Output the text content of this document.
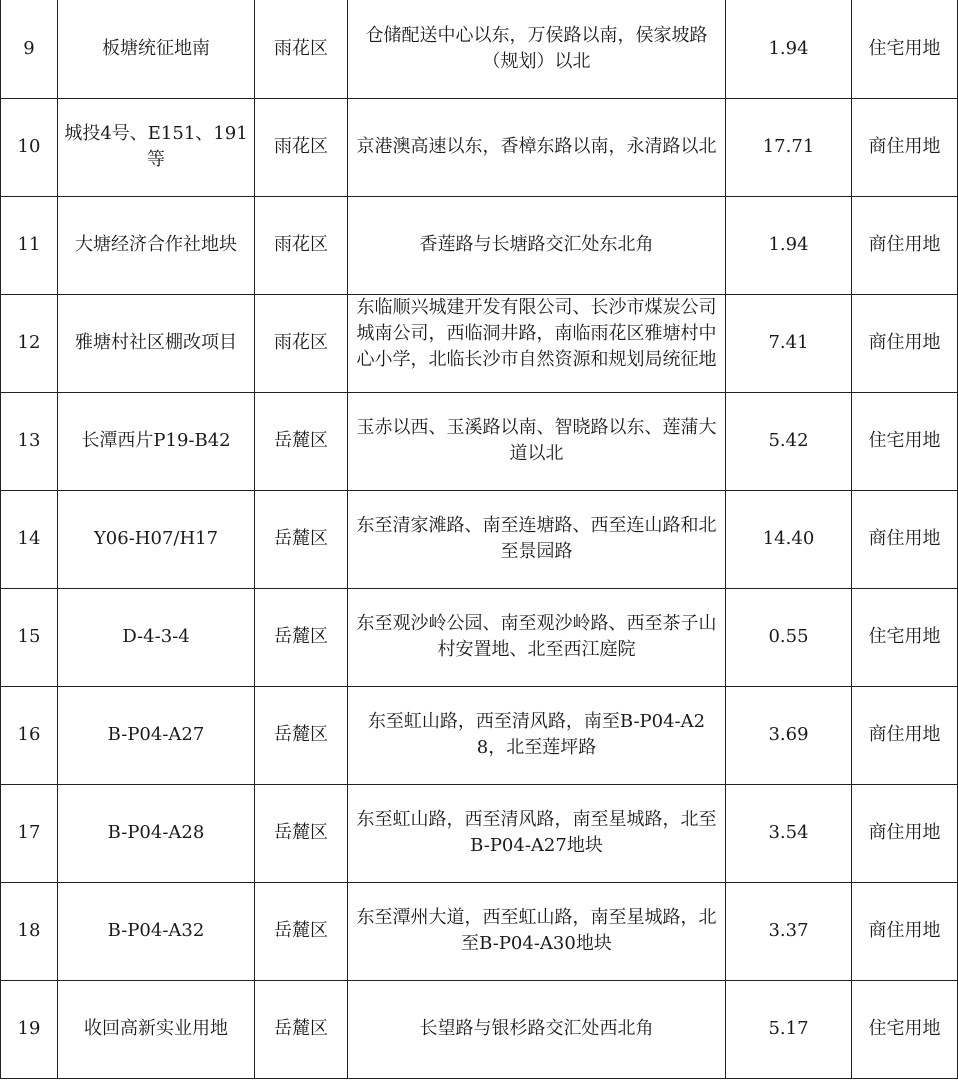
9	板塘统征地南	雨花区	仓储配送中心以东，万侯路以南，侯家坡路（规划）以北	1.94	住宅用地
10	城投4号、E151、191等	雨花区	京港澳高速以东，香樟东路以南，永清路以北	17.71	商住用地
11	大塘经济合作社地块	雨花区	香莲路与长塘路交汇处东北角	1.94	商住用地
12	雅塘村社区棚改项目	雨花区	东临顺兴城建开发有限公司、长沙市煤炭公司城南公司，西临洞井路，南临雨花区雅塘村中心小学，北临长沙市自然资源和规划局统征地	7.41	商住用地
13	长潭西片P19-B42	岳麓区	玉赤以西、玉溪路以南、智晓路以东、莲蒲大道以北	5.42	住宅用地
14	Y06-H07/H17	岳麓区	东至清家滩路、南至连塘路、西至连山路和北至景园路	14.40	商住用地
15	D-4-3-4	岳麓区	东至观沙岭公园、南至观沙岭路、西至茶子山村安置地、北至西江庭院	0.55	住宅用地
16	B-P04-A27	岳麓区	东至虹山路，西至清风路，南至B-P04-A28，北至莲坪路	3.69	商住用地
17	B-P04-A28	岳麓区	东至虹山路，西至清风路，南至星城路，北至B-P04-A27地块	3.54	商住用地
18	B-P04-A32	岳麓区	东至潭州大道，西至虹山路，南至星城路，北至B-P04-A30地块	3.37	商住用地
19	收回高新实业用地	岳麓区	长望路与银杉路交汇处西北角	5.17	住宅用地
